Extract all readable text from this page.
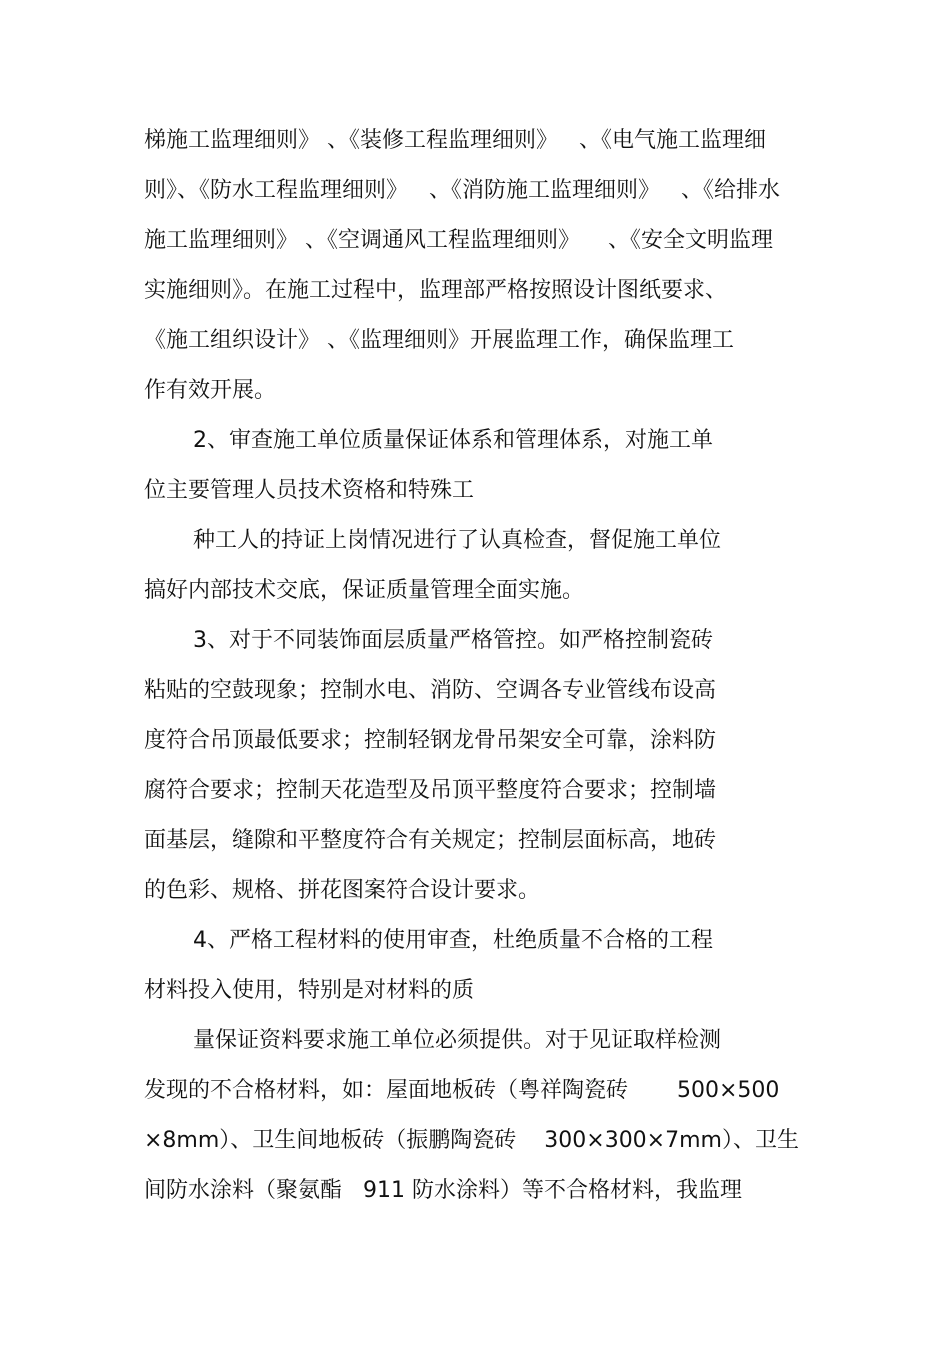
梯施工监理细则》 、《装修工程监理细则》   、《电气施工监理细
则》、《防水工程监理细则》   、《消防施工监理细则》   、《给排水
施工监理细则》 、《空调通风工程监理细则》    、《安全文明监理
实施细则》。在施工过程中，监理部严格按照设计图纸要求、
《施工组织设计》 、《监理细则》开展监理工作，确保监理工
作有效开展。
2、审查施工单位质量保证体系和管理体系，对施工单
位主要管理人员技术资格和特殊工
种工人的持证上岗情况进行了认真检查，督促施工单位
搞好内部技术交底，保证质量管理全面实施。
3、对于不同装饰面层质量严格管控。如严格控制瓷砖
粘贴的空鼓现象；控制水电、消防、空调各专业管线布设高
度符合吊顶最低要求；控制轻钢龙骨吊架安全可靠，涂料防
腐符合要求；控制天花造型及吊顶平整度符合要求；控制墙
面基层，缝隙和平整度符合有关规定；控制层面标高，地砖
的色彩、规格、拼花图案符合设计要求。
4、严格工程材料的使用审查，杜绝质量不合格的工程
材料投入使用，特别是对材料的质
量保证资料要求施工单位必须提供。对于见证取样检测
发现的不合格材料，如：屋面地板砖（粤祥陶瓷砖       500×500
×8mm）、卫生间地板砖（振鹏陶瓷砖    300×300×7mm）、卫生
间防水涂料（聚氨酯   911 防水涂料）等不合格材料，我监理
